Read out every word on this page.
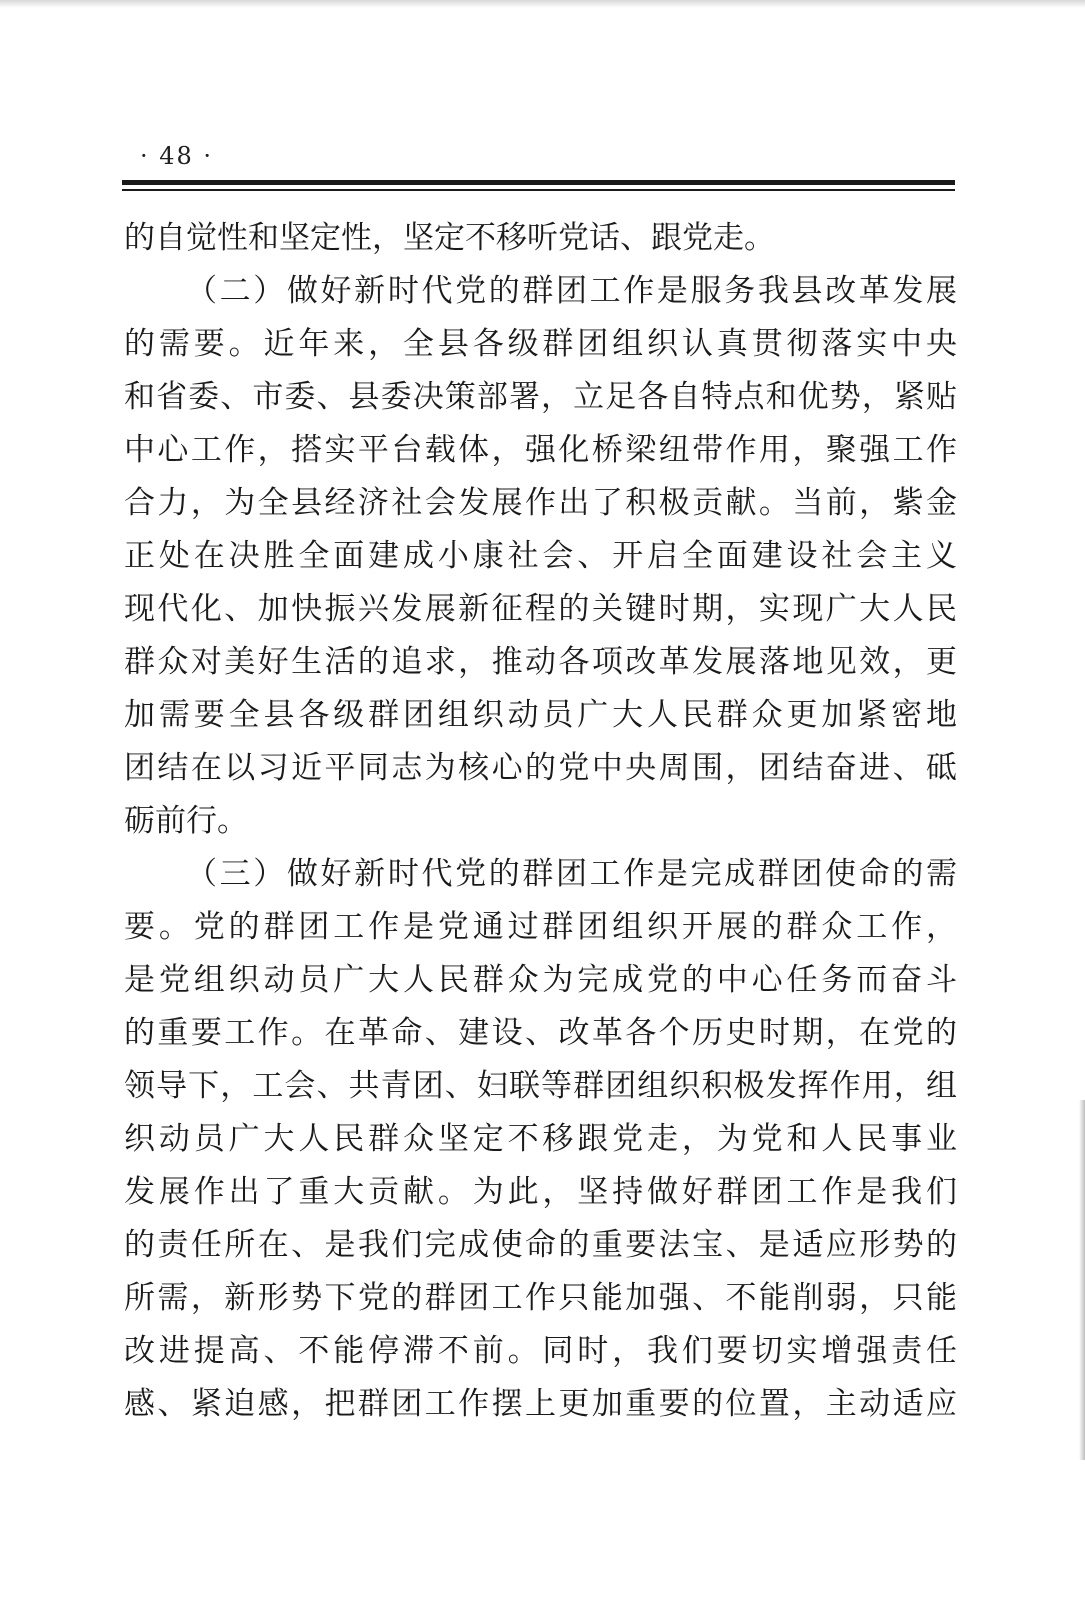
· 48 ·
的自觉性和坚定性，坚定不移听党话、跟党走。
（二）做好新时代党的群团工作是服务我县改革发展
的需要。近年来，全县各级群团组织认真贯彻落实中央
和省委、市委、县委决策部署，立足各自特点和优势，紧贴
中心工作，搭实平台载体，强化桥梁纽带作用，聚强工作
合力，为全县经济社会发展作出了积极贡献。当前，紫金
正处在决胜全面建成小康社会、开启全面建设社会主义
现代化、加快振兴发展新征程的关键时期，实现广大人民
群众对美好生活的追求，推动各项改革发展落地见效，更
加需要全县各级群团组织动员广大人民群众更加紧密地
团结在以习近平同志为核心的党中央周围，团结奋进、砥
砺前行。
（三）做好新时代党的群团工作是完成群团使命的需
要。党的群团工作是党通过群团组织开展的群众工作，
是党组织动员广大人民群众为完成党的中心任务而奋斗
的重要工作。在革命、建设、改革各个历史时期，在党的
领导下，工会、共青团、妇联等群团组织积极发挥作用，组
织动员广大人民群众坚定不移跟党走，为党和人民事业
发展作出了重大贡献。为此，坚持做好群团工作是我们
的责任所在、是我们完成使命的重要法宝、是适应形势的
所需，新形势下党的群团工作只能加强、不能削弱，只能
改进提高、不能停滞不前。同时，我们要切实增强责任
感、紧迫感，把群团工作摆上更加重要的位置，主动适应
